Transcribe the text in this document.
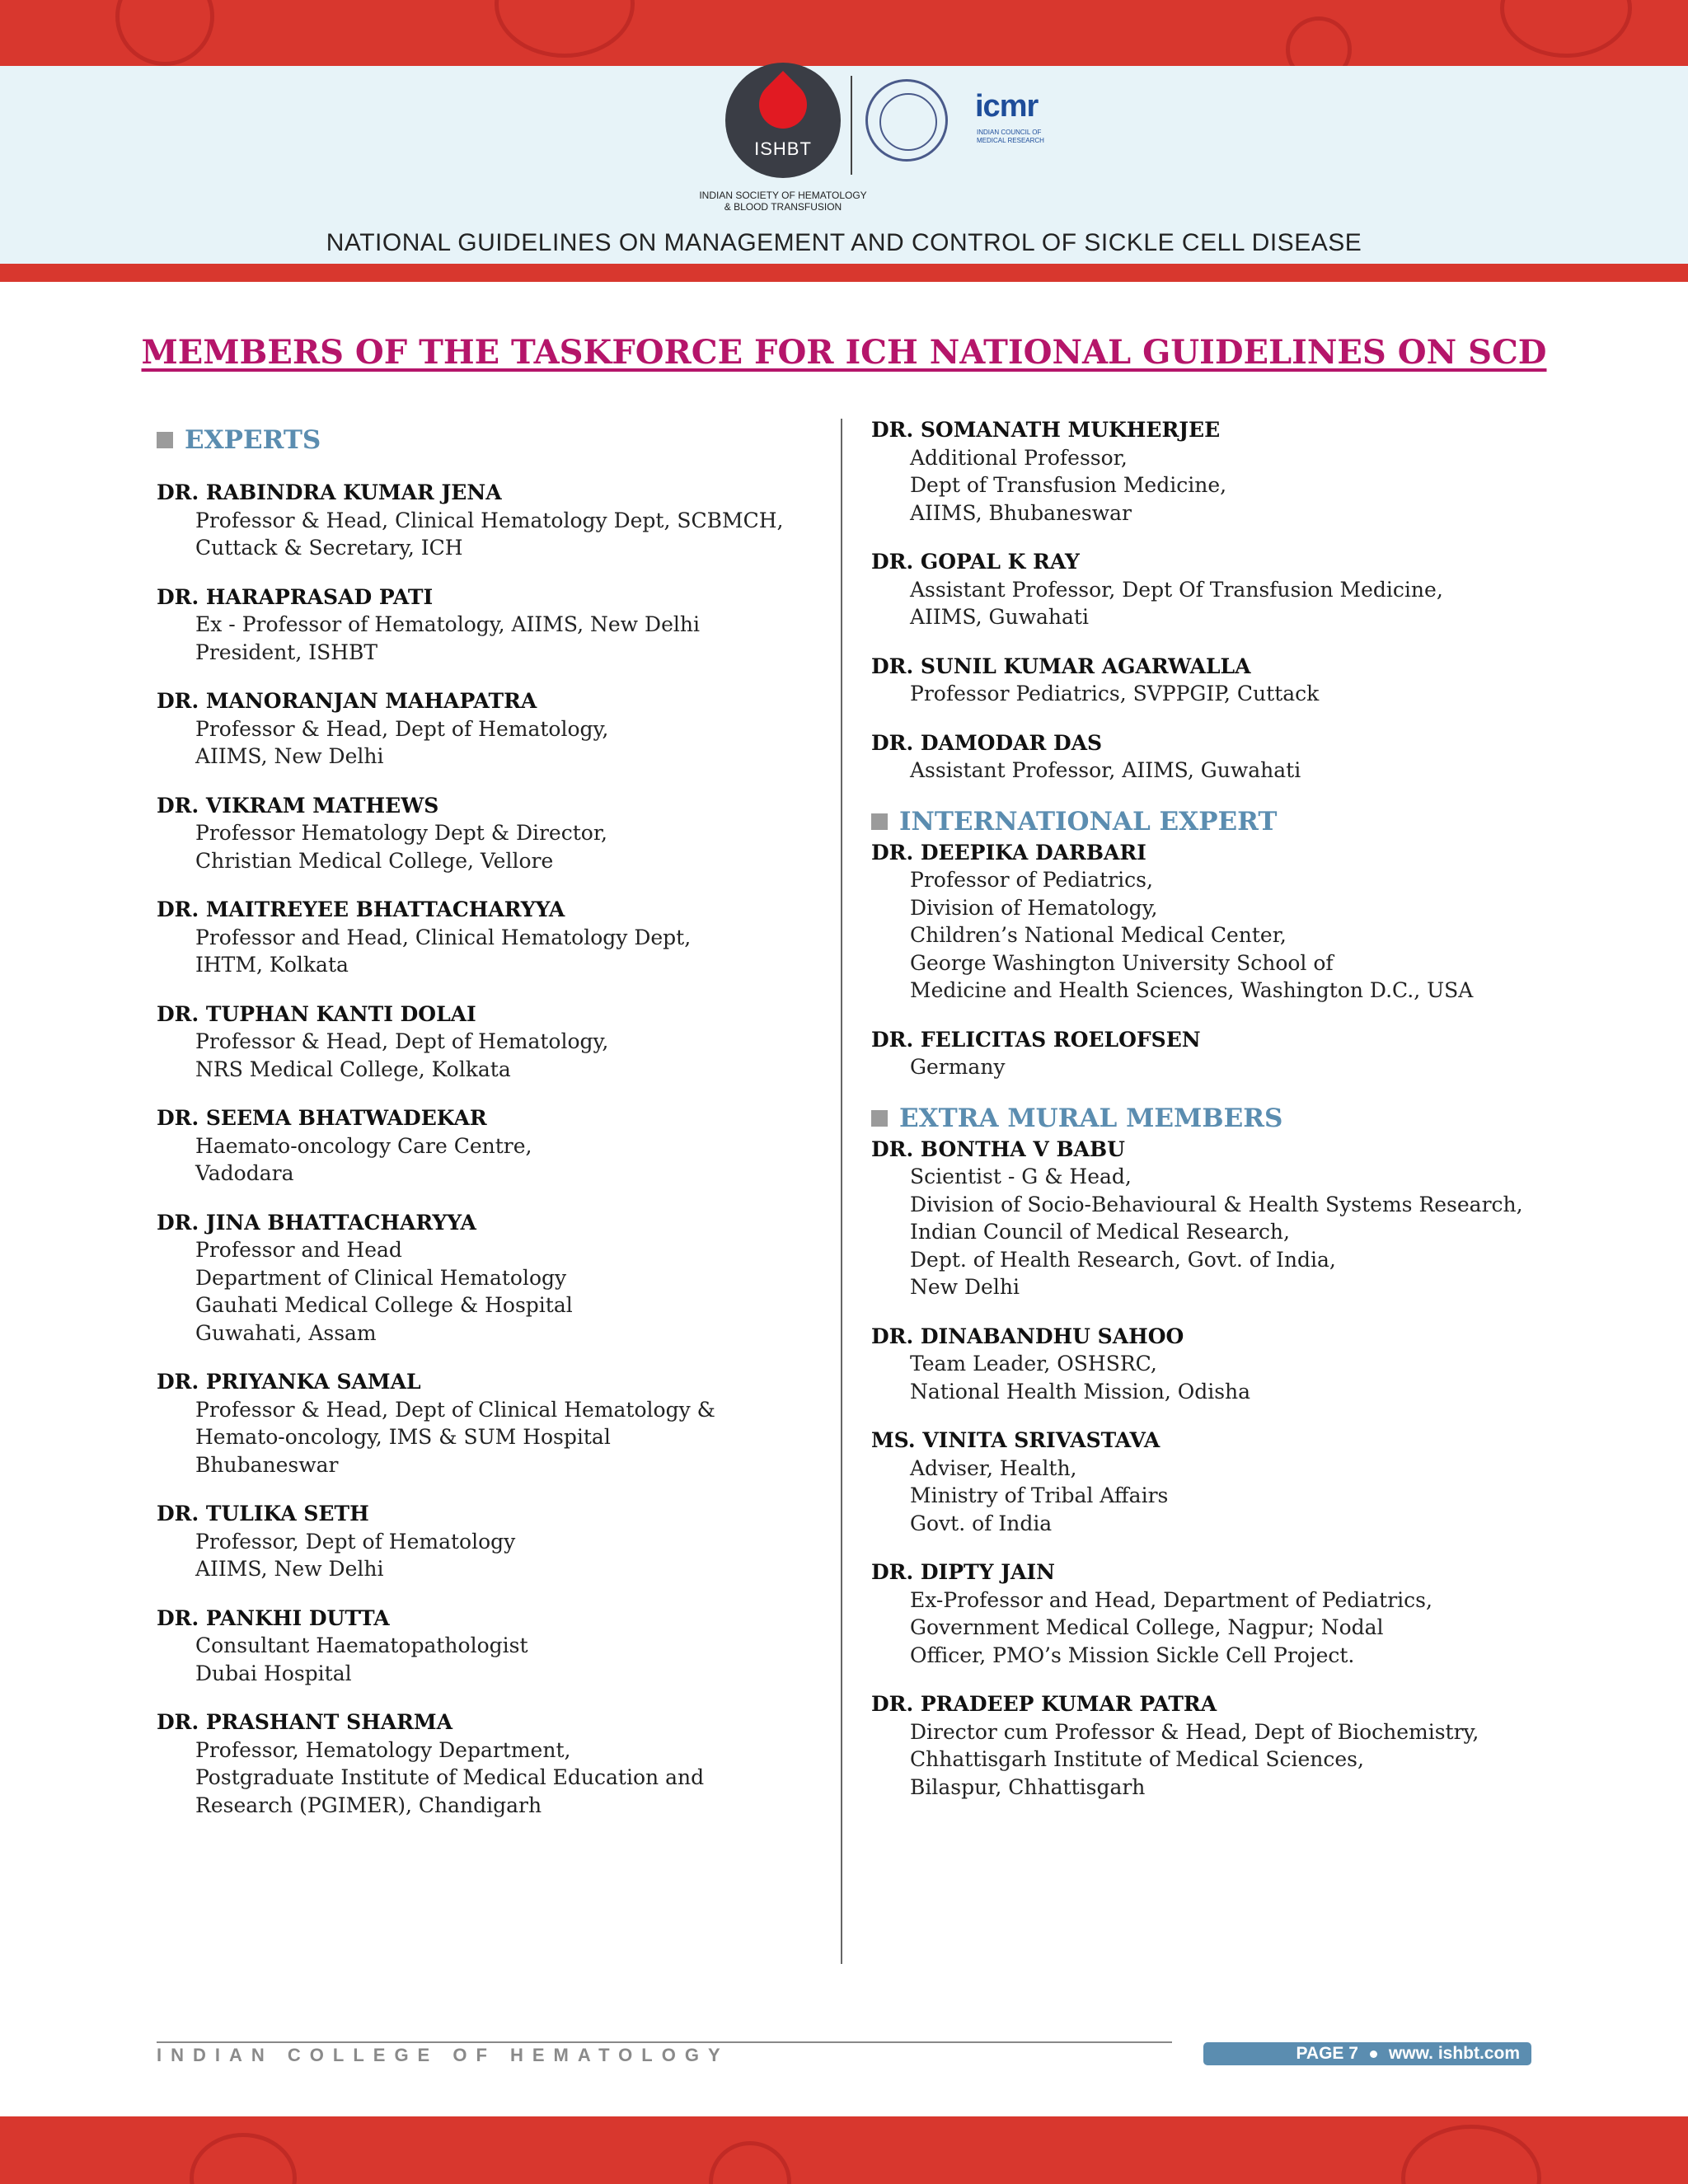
ISHBT
INDIAN SOCIETY OF HEMATOLOGY
& BLOOD TRANSFUSION
icmr
INDIAN COUNCIL OF MEDICAL RESEARCH
NATIONAL GUIDELINES ON MANAGEMENT AND CONTROL OF SICKLE CELL DISEASE
MEMBERS OF THE TASKFORCE FOR ICH NATIONAL GUIDELINES ON SCD
EXPERTS
DR. RABINDRA KUMAR JENA
Professor & Head, Clinical Hematology Dept, SCBMCH,
Cuttack & Secretary, ICH
DR. HARAPRASAD PATI
Ex - Professor of Hematology, AIIMS, New Delhi
President, ISHBT
DR. MANORANJAN MAHAPATRA
Professor & Head, Dept of Hematology,
AIIMS, New Delhi
DR. VIKRAM MATHEWS
Professor Hematology Dept & Director,
Christian Medical College, Vellore
DR. MAITREYEE BHATTACHARYYA
Professor and Head, Clinical Hematology Dept,
IHTM, Kolkata
DR. TUPHAN KANTI DOLAI
Professor & Head, Dept of Hematology,
NRS Medical College, Kolkata
DR. SEEMA BHATWADEKAR
Haemato-oncology Care Centre,
Vadodara
DR. JINA BHATTACHARYYA
Professor and Head
Department of Clinical Hematology
Gauhati Medical College & Hospital
Guwahati, Assam
DR. PRIYANKA SAMAL
Professor & Head, Dept of Clinical Hematology &
Hemato-oncology, IMS & SUM Hospital
Bhubaneswar
DR. TULIKA SETH
Professor, Dept of Hematology
AIIMS, New Delhi
DR. PANKHI DUTTA
Consultant Haematopathologist
Dubai Hospital
DR. PRASHANT SHARMA
Professor, Hematology Department,
Postgraduate Institute of Medical Education and
Research (PGIMER), Chandigarh
DR. SOMANATH MUKHERJEE
Additional Professor,
Dept of Transfusion Medicine,
AIIMS, Bhubaneswar
DR. GOPAL K RAY
Assistant Professor, Dept Of Transfusion Medicine,
AIIMS, Guwahati
DR. SUNIL KUMAR AGARWALLA
Professor Pediatrics, SVPPGIP, Cuttack
DR. DAMODAR DAS
Assistant Professor, AIIMS, Guwahati
INTERNATIONAL EXPERT
DR. DEEPIKA DARBARI
Professor of Pediatrics,
Division of Hematology,
Children’s National Medical Center,
George Washington University School of
Medicine and Health Sciences, Washington D.C., USA
DR. FELICITAS ROELOFSEN
Germany
EXTRA MURAL MEMBERS
DR. BONTHA V BABU
Scientist - G & Head,
Division of Socio-Behavioural & Health Systems Research,
Indian Council of Medical Research,
Dept. of Health Research, Govt. of India,
New Delhi
DR. DINABANDHU SAHOO
Team Leader, OSHSRC,
National Health Mission, Odisha
MS. VINITA SRIVASTAVA
Adviser, Health,
Ministry of Tribal Affairs
Govt. of India
DR. DIPTY JAIN
Ex-Professor and Head, Department of Pediatrics,
Government Medical College, Nagpur; Nodal
Officer, PMO’s Mission Sickle Cell Project.
DR. PRADEEP KUMAR PATRA
Director cum Professor & Head, Dept of Biochemistry,
Chhattisgarh Institute of Medical Sciences,
Bilaspur, Chhattisgarh
INDIAN COLLEGE OF HEMATOLOGY	PAGE 7 www. ishbt.com
